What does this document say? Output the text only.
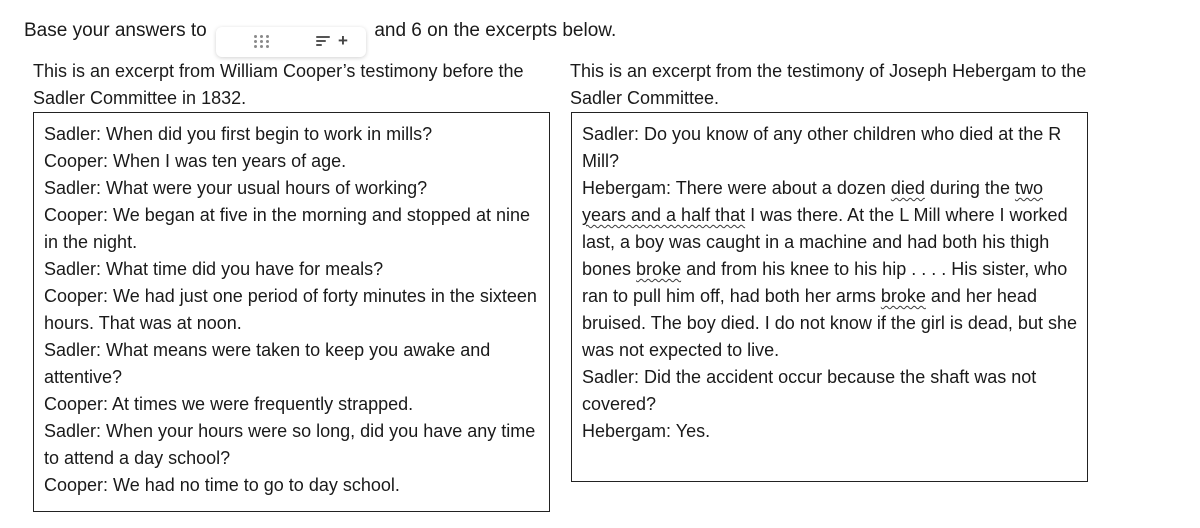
Base your answers to	and 6 on the excerpts below.
+
This is an excerpt from William Cooper’s testimony before the Sadler Committee in 1832.
This is an excerpt from the testimony of Joseph Hebergam to the Sadler Committee.

Sadler: When did you first begin to work in mills?

Cooper: When I was ten years of age.

Sadler: What were your usual hours of working?

Cooper: We began at five in the morning and stopped at nine in the night.

Sadler: What time did you have for meals?

Cooper: We had just one period of forty minutes in the sixteen hours. That was at noon.

Sadler: What means were taken to keep you awake and attentive?

Cooper: At times we were frequently strapped.

Sadler: When your hours were so long, did you have any time to attend a day school?

Cooper: We had no time to go to day school.

Sadler: Do you know of any other children who died at the R Mill?

Hebergam: There were about a dozen died during the two years and a half that I was there. At the L Mill where I worked last, a boy was caught in a machine and had both his thigh bones broke and from his knee to his hip . . . . His sister, who ran to pull him off, had both her arms broke and her head bruised. The boy died. I do not know if the girl is dead, but she was not expected to live.

Sadler: Did the accident occur because the shaft was not covered?

Hebergam: Yes.
